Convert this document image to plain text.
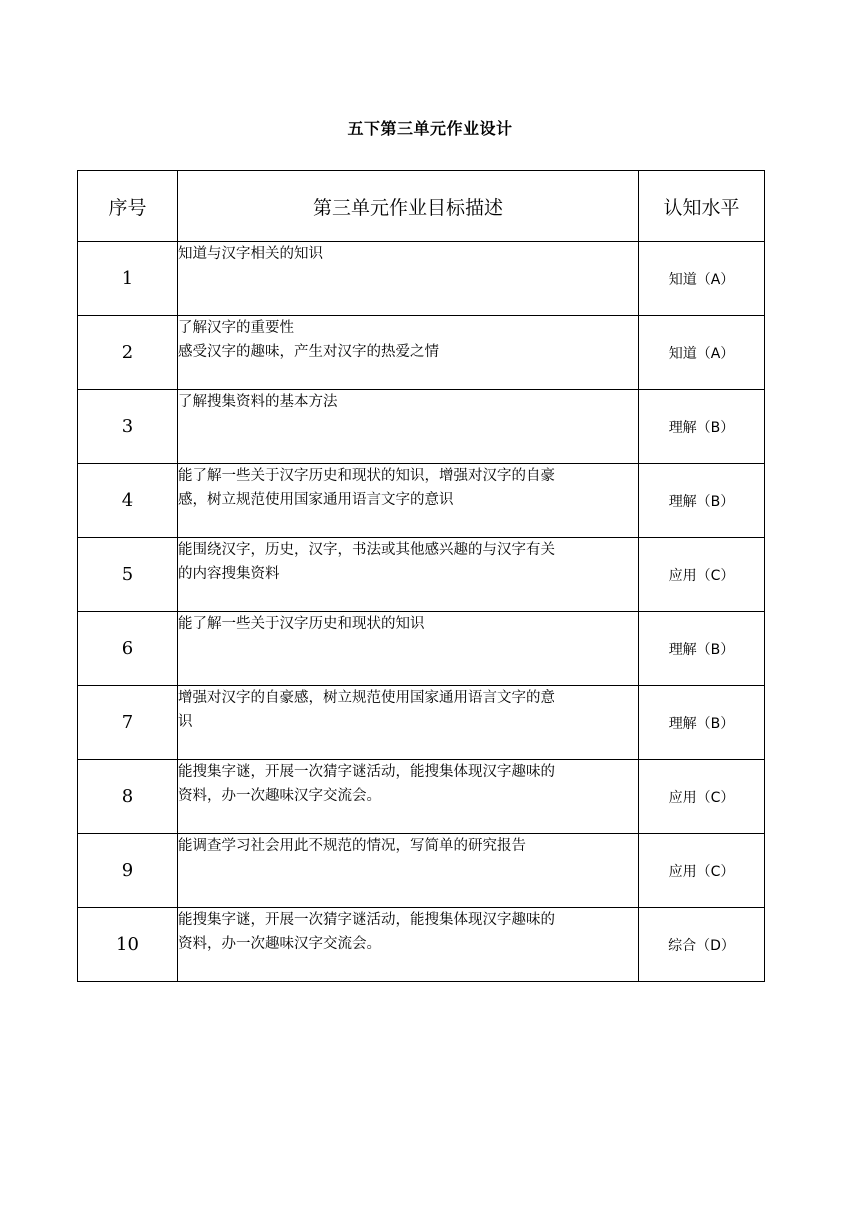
五下第三单元作业设计
序号	第三单元作业目标描述	认知水平
1	知道与汉字相关的知识	知道（A）
2	了解汉字的重要性
感受汉字的趣味，产生对汉字的热爱之情	知道（A）
3	了解搜集资料的基本方法	理解（B）
4	能了解一些关于汉字历史和现状的知识，增强对汉字的自豪
感，树立规范使用国家通用语言文字的意识	理解（B）
5	能围绕汉字，历史，汉字，书法或其他感兴趣的与汉字有关
的内容搜集资料	应用（C）
6	能了解一些关于汉字历史和现状的知识	理解（B）
7	增强对汉字的自豪感，树立规范使用国家通用语言文字的意
识	理解（B）
8	能搜集字谜，开展一次猜字谜活动，能搜集体现汉字趣味的
资料，办一次趣味汉字交流会。	应用（C）
9	能调查学习社会用此不规范的情况，写简单的研究报告	应用（C）
10	能搜集字谜，开展一次猜字谜活动，能搜集体现汉字趣味的
资料，办一次趣味汉字交流会。	综合（D）
